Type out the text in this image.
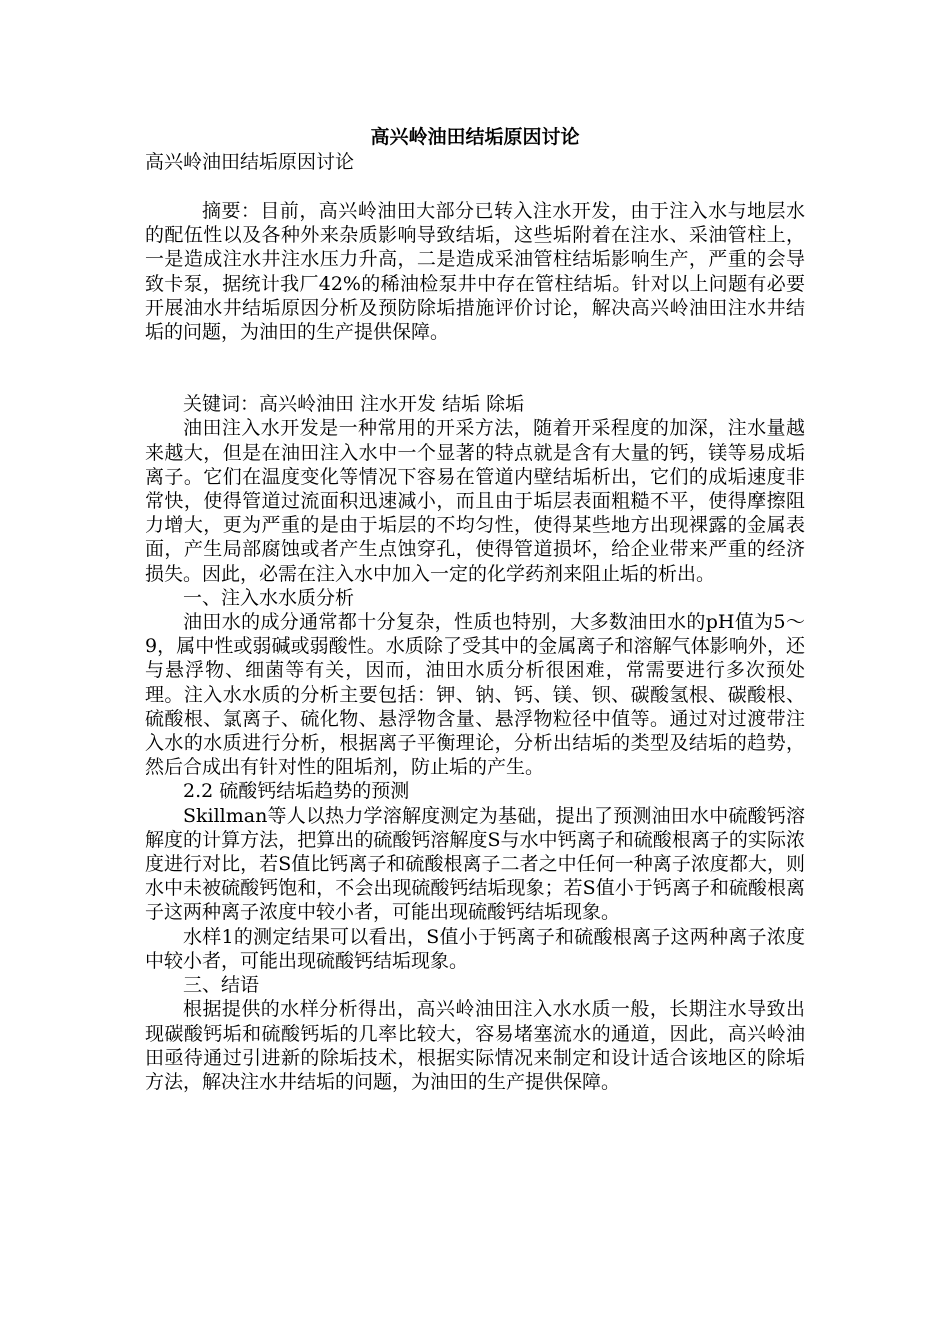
高兴岭油田结垢原因讨论

高兴岭油田结垢原因讨论

摘要：目前，高兴岭油田大部分已转入注水开发，由于注入水与地层水的配伍性以及各种外来杂质影响导致结垢，这些垢附着在注水、采油管柱上，一是造成注水井注水压力升高，二是造成采油管柱结垢影响生产，严重的会导致卡泵，据统计我厂42%的稀油检泵井中存在管柱结垢。针对以上问题有必要开展油水井结垢原因分析及预防除垢措施评价讨论，解决高兴岭油田注水井结垢的问题，为油田的生产提供保障。

关键词：高兴岭油田 注水开发 结垢 除垢

油田注入水开发是一种常用的开采方法，随着开采程度的加深，注水量越来越大，但是在油田注入水中一个显著的特点就是含有大量的钙，镁等易成垢离子。它们在温度变化等情况下容易在管道内壁结垢析出，它们的成垢速度非常快，使得管道过流面积迅速减小，而且由于垢层表面粗糙不平，使得摩擦阻力增大，更为严重的是由于垢层的不均匀性，使得某些地方出现裸露的金属表面，产生局部腐蚀或者产生点蚀穿孔，使得管道损坏，给企业带来严重的经济损失。因此，必需在注入水中加入一定的化学药剂来阻止垢的析出。

一、注入水水质分析

油田水的成分通常都十分复杂，性质也特别，大多数油田水的pH值为5～9，属中性或弱碱或弱酸性。水质除了受其中的金属离子和溶解气体影响外，还与悬浮物、细菌等有关，因而，油田水质分析很困难，常需要进行多次预处理。注入水水质的分析主要包括：钾、钠、钙、镁、钡、碳酸氢根、碳酸根、硫酸根、氯离子、硫化物、悬浮物含量、悬浮物粒径中值等。通过对过渡带注入水的水质进行分析，根据离子平衡理论，分析出结垢的类型及结垢的趋势，然后合成出有针对性的阻垢剂，防止垢的产生。

2.2 硫酸钙结垢趋势的预测

Skillman等人以热力学溶解度测定为基础，提出了预测油田水中硫酸钙溶解度的计算方法，把算出的硫酸钙溶解度S与水中钙离子和硫酸根离子的实际浓度进行对比，若S值比钙离子和硫酸根离子二者之中任何一种离子浓度都大，则水中未被硫酸钙饱和，不会出现硫酸钙结垢现象；若S值小于钙离子和硫酸根离子这两种离子浓度中较小者，可能出现硫酸钙结垢现象。

水样1的测定结果可以看出，S值小于钙离子和硫酸根离子这两种离子浓度中较小者，可能出现硫酸钙结垢现象。

三、结语

根据提供的水样分析得出，高兴岭油田注入水水质一般，长期注水导致出现碳酸钙垢和硫酸钙垢的几率比较大，容易堵塞流水的通道，因此，高兴岭油田亟待通过引进新的除垢技术，根据实际情况来制定和设计适合该地区的除垢方法，解决注水井结垢的问题，为油田的生产提供保障。
